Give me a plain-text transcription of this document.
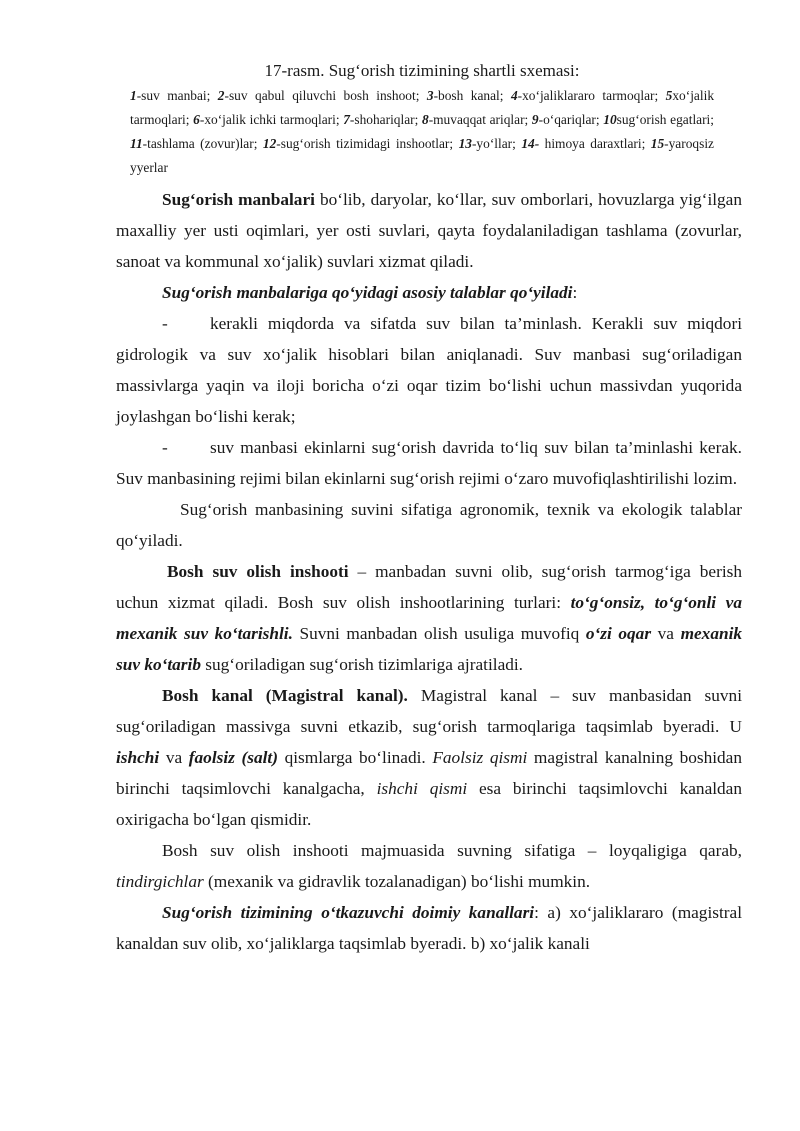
17-rasm. Sug‘orish tizimining shartli sxemasi:
1-suv manbai; 2-suv qabul qiluvchi bosh inshoot; 3-bosh kanal; 4-xo‘jaliklararo tarmoqlar; 5xo‘jalik tarmoqlari; 6-xo‘jalik ichki tarmoqlari; 7-shohariqlar; 8-muvaqqat ariqlar; 9-o‘qariqlar; 10sug‘orish egatlari; 11-tashlama (zovur)lar; 12-sug‘orish tizimidagi inshootlar; 13-yo‘llar; 14- himoya daraxtlari; 15-yaroqsiz yyerlar

Sug‘orish manbalari bo‘lib, daryolar, ko‘llar, suv omborlari, hovuzlarga yig‘ilgan maxalliy yer usti oqimlari, yer osti suvlari, qayta foydalaniladigan tashlama (zovurlar, sanoat va kommunal xo‘jalik) suvlari xizmat qiladi.

Sug‘orish manbalariga qo‘yidagi asosiy talablar qo‘yiladi:

- kerakli miqdorda va sifatda suv bilan ta’minlash. Kerakli suv miqdori gidrologik va suv xo‘jalik hisoblari bilan aniqlanadi. Suv manbasi sug‘oriladigan massivlarga yaqin va iloji boricha o‘zi oqar tizim bo‘lishi uchun massivdan yuqorida joylashgan bo‘lishi kerak;

- suv manbasi ekinlarni sug‘orish davrida to‘liq suv bilan ta’minlashi kerak. Suv manbasining rejimi bilan ekinlarni sug‘orish rejimi o‘zaro muvofiqlashtirilishi lozim.

Sug‘orish manbasining suvini sifatiga agronomik, texnik va ekologik talablar qo‘yiladi.

Bosh suv olish inshooti – manbadan suvni olib, sug‘orish tarmog‘iga berish uchun xizmat qiladi. Bosh suv olish inshootlarining turlari: to‘g‘onsiz, to‘g‘onli va mexanik suv ko‘tarishli. Suvni manbadan olish usuliga muvofiq o‘zi oqar va mexanik suv ko‘tarib sug‘oriladigan sug‘orish tizimlariga ajratiladi.

Bosh kanal (Magistral kanal). Magistral kanal – suv manbasidan suvni sug‘oriladigan massivga suvni etkazib, sug‘orish tarmoqlariga taqsimlab byeradi. U ishchi va faolsiz (salt) qismlarga bo‘linadi. Faolsiz qismi magistral kanalning boshidan birinchi taqsimlovchi kanalgacha, ishchi qismi esa birinchi taqsimlovchi kanaldan oxirigacha bo‘lgan qismidir.

Bosh suv olish inshooti majmuasida suvning sifatiga – loyqaligiga qarab, tindirgichlar (mexanik va gidravlik tozalanadigan) bo‘lishi mumkin.

Sug‘orish tizimining o‘tkazuvchi doimiy kanallari: a) xo‘jaliklararo (magistral kanaldan suv olib, xo‘jaliklarga taqsimlab byeradi. b) xo‘jalik kanali
